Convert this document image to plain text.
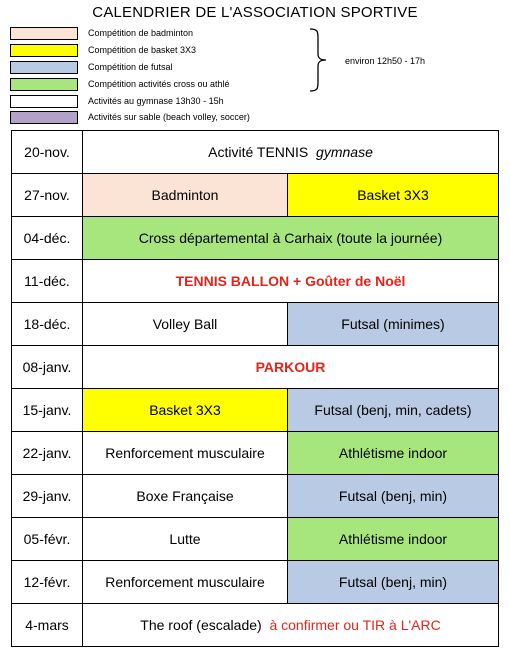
CALENDRIER DE L'ASSOCIATION SPORTIVE
Compétition de badminton
Compétition de basket 3X3
Compétition de futsal
Compétition activités cross ou athlé
Activités au gymnase 13h30 - 15h
Activités sur sable (beach volley, soccer)
environ 12h50 - 17h
20-nov.	Activité TENNIS gymnase	
27-nov.	Badminton	Basket 3X3
04-déc.	Cross départemental à Carhaix (toute la journée)	
11-déc.	TENNIS BALLON + Goûter de Noël	
18-déc.	Volley Ball	Futsal (minimes)
08-janv.	PARKOUR	
15-janv.	Basket 3X3	Futsal (benj, min, cadets)
22-janv.	Renforcement musculaire	Athlétisme indoor
29-janv.	Boxe Française	Futsal (benj, min)
05-févr.	Lutte	Athlétisme indoor
12-févr.	Renforcement musculaire	Futsal (benj, min)
4-mars	The roof (escalade) à confirmer ou TIR à L'ARC	
